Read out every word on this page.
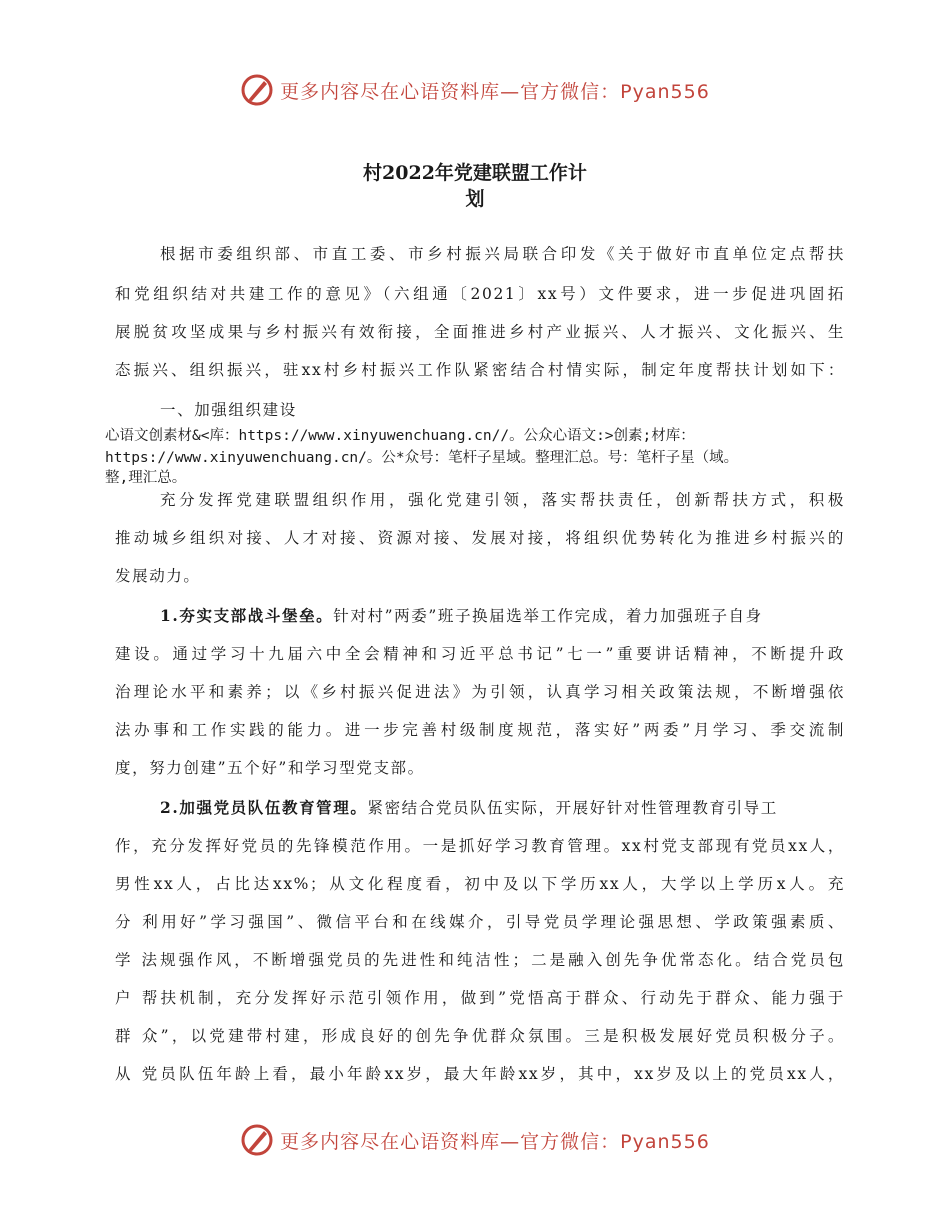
更多内容尽在心语资料库—官方微信：Pyan556
村2022年党建联盟工作计
划
根据市委组织部、市直工委、市乡村振兴局联合印发《关于做好市直单位定点帮扶
和党组织结对共建工作的意见》（六组通〔2021〕xx号）文件要求，进一步促进巩固拓
展脱贫攻坚成果与乡村振兴有效衔接，全面推进乡村产业振兴、人才振兴、文化振兴、生
态振兴、组织振兴，驻xx村乡村振兴工作队紧密结合村情实际，制定年度帮扶计划如下：
一、加强组织建设
心语文创素材&<库：https://www.xinyuwenchuang.cn//。公众心语文:>创素;材库：
https://www.xinyuwenchuang.cn/。公*众号：笔杆子星域。整理汇总。号：笔杆子星（域。
整,理汇总。
充分发挥党建联盟组织作用，强化党建引领，落实帮扶责任，创新帮扶方式，积极
推动城乡组织对接、人才对接、资源对接、发展对接，将组织优势转化为推进乡村振兴的
发展动力。
1.夯实支部战斗堡垒。针对村”两委”班子换届选举工作完成，着力加强班子自身
建设。通过学习十九届六中全会精神和习近平总书记”七一”重要讲话精神，不断提升政
治理论水平和素养；以《乡村振兴促进法》为引领，认真学习相关政策法规，不断增强依
法办事和工作实践的能力。进一步完善村级制度规范，落实好”两委”月学习、季交流制
度，努力创建”五个好”和学习型党支部。
2.加强党员队伍教育管理。紧密结合党员队伍实际，开展好针对性管理教育引导工
作，充分发挥好党员的先锋模范作用。一是抓好学习教育管理。xx村党支部现有党员xx人，
男性xx人，占比达xx%；从文化程度看，初中及以下学历xx人，大学以上学历x人。充
分 利用好”学习强国”、微信平台和在线媒介，引导党员学理论强思想、学政策强素质、
学 法规强作风，不断增强党员的先进性和纯洁性；二是融入创先争优常态化。结合党员包
户 帮扶机制，充分发挥好示范引领作用，做到”党悟高于群众、行动先于群众、能力强于
群 众”，以党建带村建，形成良好的创先争优群众氛围。三是积极发展好党员积极分子。
从 党员队伍年龄上看，最小年龄xx岁，最大年龄xx岁，其中，xx岁及以上的党员xx人，
更多内容尽在心语资料库—官方微信：Pyan556
